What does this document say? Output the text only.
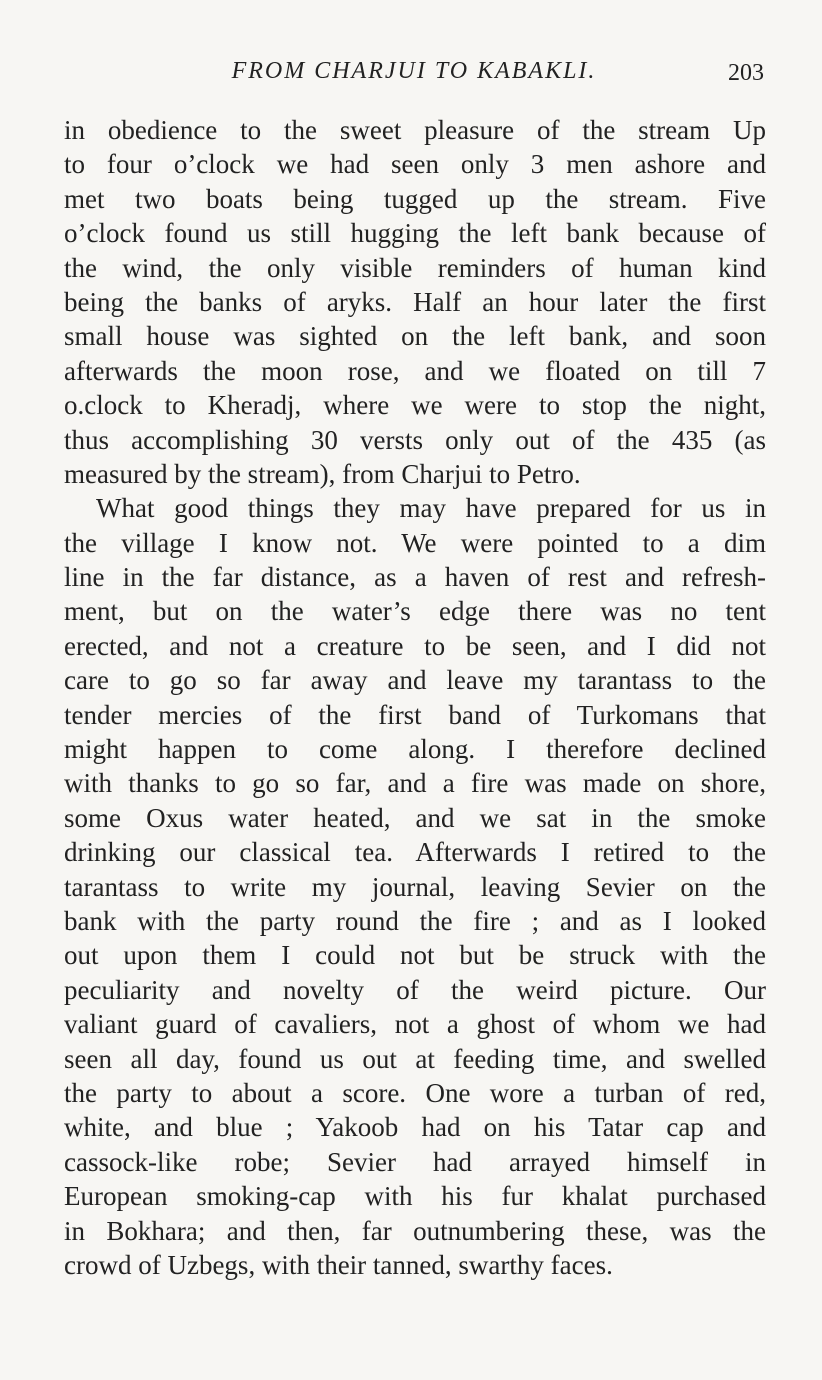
FROM CHARJUI TO KABAKLI.	203
in obedience to the sweet pleasure of the stream Up
to four o’clock we had seen only 3 men ashore and
met two boats being tugged up the stream. Five
o’clock found us still hugging the left bank because of
the wind, the only visible reminders of human kind
being the banks of aryks. Half an hour later the first
small house was sighted on the left bank, and soon
afterwards the moon rose, and we floated on till 7
o.clock to Kheradj, where we were to stop the night,
thus accomplishing 30 versts only out of the 435 (as
measured by the stream), from Charjui to Petro.
What good things they may have prepared for us in
the village I know not. We were pointed to a dim
line in the far distance, as a haven of rest and refresh-
ment, but on the water’s edge there was no tent
erected, and not a creature to be seen, and I did not
care to go so far away and leave my tarantass to the
tender mercies of the first band of Turkomans that
might happen to come along. I therefore declined
with thanks to go so far, and a fire was made on shore,
some Oxus water heated, and we sat in the smoke
drinking our classical tea. Afterwards I retired to the
tarantass to write my journal, leaving Sevier on the
bank with the party round the fire ; and as I looked
out upon them I could not but be struck with the
peculiarity and novelty of the weird picture. Our
valiant guard of cavaliers, not a ghost of whom we had
seen all day, found us out at feeding time, and swelled
the party to about a score. One wore a turban of red,
white, and blue ; Yakoob had on his Tatar cap and
cassock-like robe; Sevier had arrayed himself in
European smoking-cap with his fur khalat purchased
in Bokhara; and then, far outnumbering these, was the
crowd of Uzbegs, with their tanned, swarthy faces.
